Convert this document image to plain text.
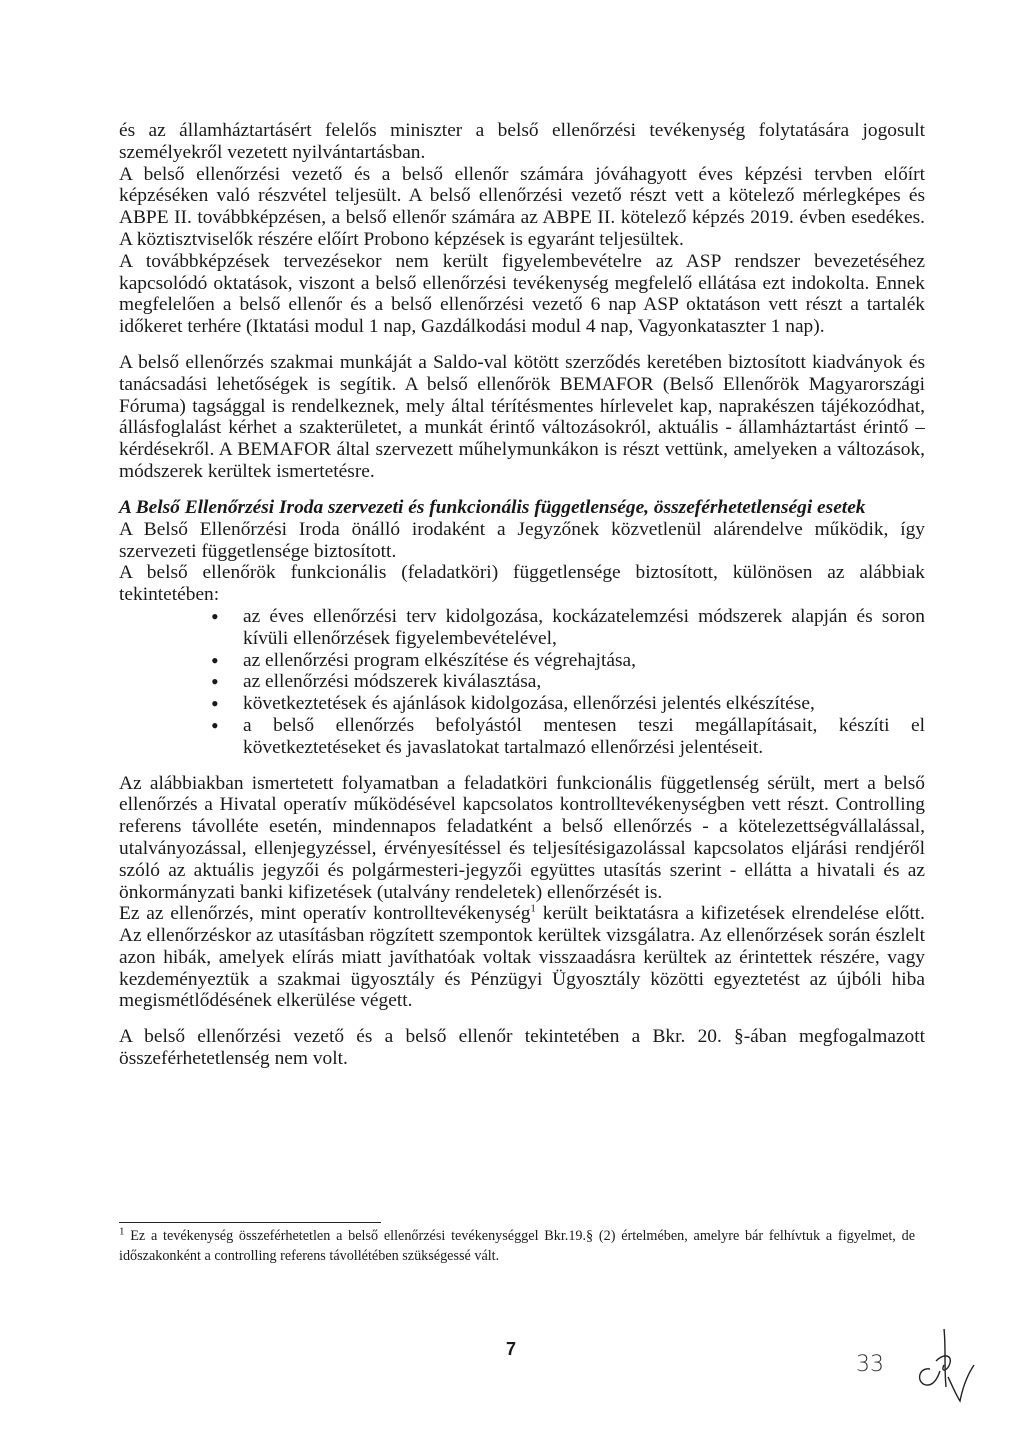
és az államháztartásért felelős miniszter a belső ellenőrzési tevékenység folytatására jogosult személyekről vezetett nyilvántartásban.

A belső ellenőrzési vezető és a belső ellenőr számára jóváhagyott éves képzési tervben előírt képzéséken való részvétel teljesült. A belső ellenőrzési vezető részt vett a kötelező mérlegképes és ABPE II. továbbképzésen, a belső ellenőr számára az ABPE II. kötelező képzés 2019. évben esedékes. A köztisztviselők részére előírt Probono képzések is egyaránt teljesültek.

A továbbképzések tervezésekor nem került figyelembevételre az ASP rendszer bevezetéséhez kapcsolódó oktatások, viszont a belső ellenőrzési tevékenység megfelelő ellátása ezt indokolta. Ennek megfelelően a belső ellenőr és a belső ellenőrzési vezető 6 nap ASP oktatáson vett részt a tartalék időkeret terhére (Iktatási modul 1 nap, Gazdálkodási modul 4 nap, Vagyonkataszter 1 nap).

A belső ellenőrzés szakmai munkáját a Saldo-val kötött szerződés keretében biztosított kiadványok és tanácsadási lehetőségek is segítik. A belső ellenőrök BEMAFOR (Belső Ellenőrök Magyarországi Fóruma) tagsággal is rendelkeznek, mely által térítésmentes hírlevelet kap, naprakészen tájékozódhat, állásfoglalást kérhet a szakterületet, a munkát érintő változásokról, aktuális - államháztartást érintő – kérdésekről. A BEMAFOR által szervezett műhelymunkákon is részt vettünk, amelyeken a változások, módszerek kerültek ismertetésre.

A Belső Ellenőrzési Iroda szervezeti és funkcionális függetlensége, összeférhetetlenségi esetek

A Belső Ellenőrzési Iroda önálló irodaként a Jegyzőnek közvetlenül alárendelve működik, így szervezeti függetlensége biztosított.

A belső ellenőrök funkcionális (feladatköri) függetlensége biztosított, különösen az alábbiak tekintetében:

• az éves ellenőrzési terv kidolgozása, kockázatelemzési módszerek alapján és soron kívüli ellenőrzések figyelembevételével,
• az ellenőrzési program elkészítése és végrehajtása,
• az ellenőrzési módszerek kiválasztása,
• következtetések és ajánlások kidolgozása, ellenőrzési jelentés elkészítése,
• a belső ellenőrzés befolyástól mentesen teszi megállapításait, készíti el következtetéseket és javaslatokat tartalmazó ellenőrzési jelentéseit.

Az alábbiakban ismertetett folyamatban a feladatköri funkcionális függetlenség sérült, mert a belső ellenőrzés a Hivatal operatív működésével kapcsolatos kontrolltevékenységben vett részt. Controlling referens távolléte esetén, mindennapos feladatként a belső ellenőrzés - a kötelezettségvállalással, utalványozással, ellenjegyzéssel, érvényesítéssel és teljesítésigazolással kapcsolatos eljárási rendjéről szóló az aktuális jegyzői és polgármesteri-jegyzői együttes utasítás szerint - ellátta a hivatali és az önkormányzati banki kifizetések (utalvány rendeletek) ellenőrzését is.

Ez az ellenőrzés, mint operatív kontrolltevékenység$^1$ került beiktatásra a kifizetések elrendelése előtt. Az ellenőrzéskor az utasításban rögzített szempontok kerültek vizsgálatra. Az ellenőrzések során észlelt azon hibák, amelyek elírás miatt javíthatóak voltak visszaadásra kerültek az érintettek részére, vagy kezdeményeztük a szakmai ügyosztály és Pénzügyi Ügyosztály közötti egyeztetést az újbóli hiba megismétlődésének elkerülése végett.

A belső ellenőrzési vezető és a belső ellenőr tekintetében a Bkr. 20. §-ában megfogalmazott összeférhetetlenség nem volt.

$^1$ Ez a tevékenység összeférhetetlen a belső ellenőrzési tevékenységgel Bkr.19.§ (2) értelmében, amelyre bár felhívtuk a figyelmet, de időszakonként a controlling referens távollétében szükségessé vált.
7
33
